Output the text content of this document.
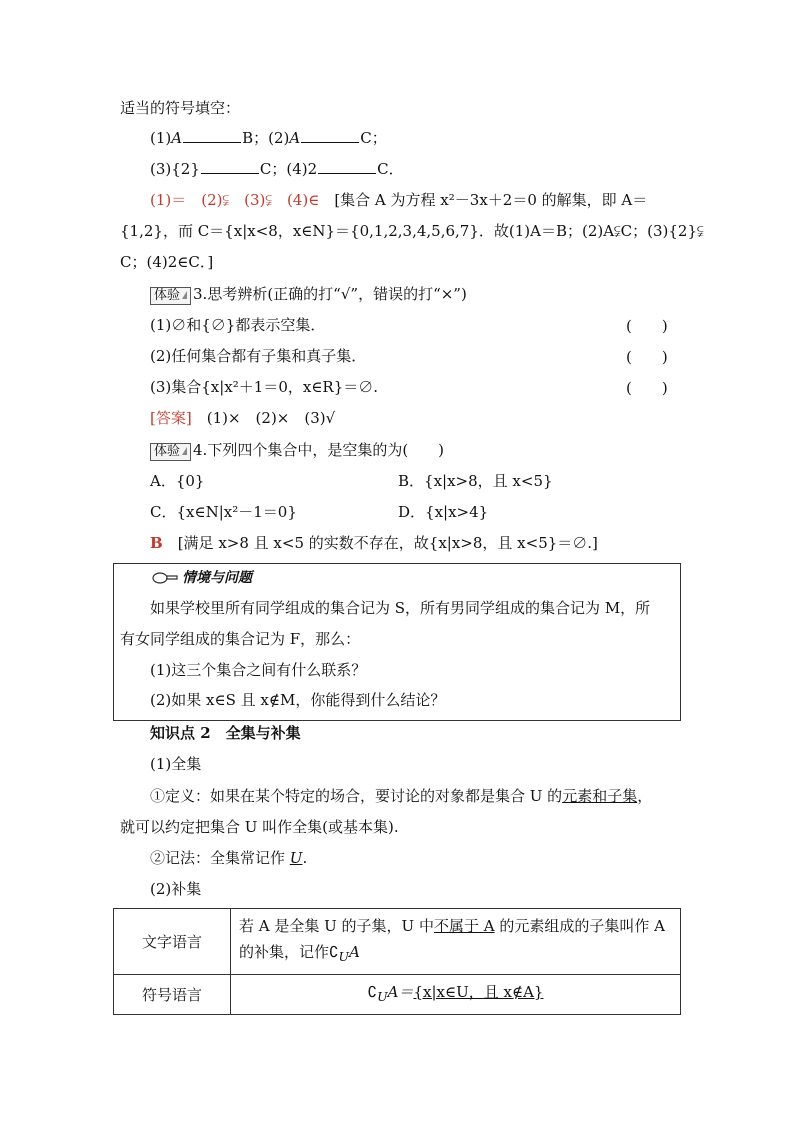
适当的符号填空：
(1)A	B；(2)A	C；
(3){2}	C；(4)2	C．
(1)＝　(2)⫋　(3)⫋　(4)∈　 [集合 A 为方程 x²－3x＋2＝0 的解集，即 A＝
{1,2}，而 C＝{x|x<8，x∈N}＝{0,1,2,3,4,5,6,7}．故(1)A＝B；(2)A⫋C；(3){2}⫋
C；(4)2∈C．]
体验 3.思考辨析(正确的打“√”，错误的打“×”)
(1)∅和{∅}都表示空集．	(　　)
(2)任何集合都有子集和真子集．	(　　)
(3)集合{x|x²＋1＝0，x∈R}＝∅.	(　　)
[答案]　 (1)×　(2)×　(3)√
体验 4.下列四个集合中，是空集的为(　　)
A．{0}	B．{x|x>8，且 x<5}
C．{x∈N|x²－1＝0}	D．{x|x>4}
B　 [满足 x>8 且 x<5 的实数不存在，故{x|x>8，且 x<5}＝∅.]
情境与问题
如果学校里所有同学组成的集合记为 S，所有男同学组成的集合记为 M，所
有女同学组成的集合记为 F，那么：
(1)这三个集合之间有什么联系？
(2)如果 x∈S 且 x∉M，你能得到什么结论？
知识点 2　全集与补集
(1)全集
①定义：如果在某个特定的场合，要讨论的对象都是集合 U 的元素和子集，
就可以约定把集合 U 叫作全集(或基本集).
②记法：全集常记作 U.
(2)补集
文字语言	若 A 是全集 U 的子集，U 中不属于 A 的元素组成的子集叫作 A
的补集，记作$∁_UA$
符号语言	$∁_UA=\{x|x\in U$，且 x∉A}
